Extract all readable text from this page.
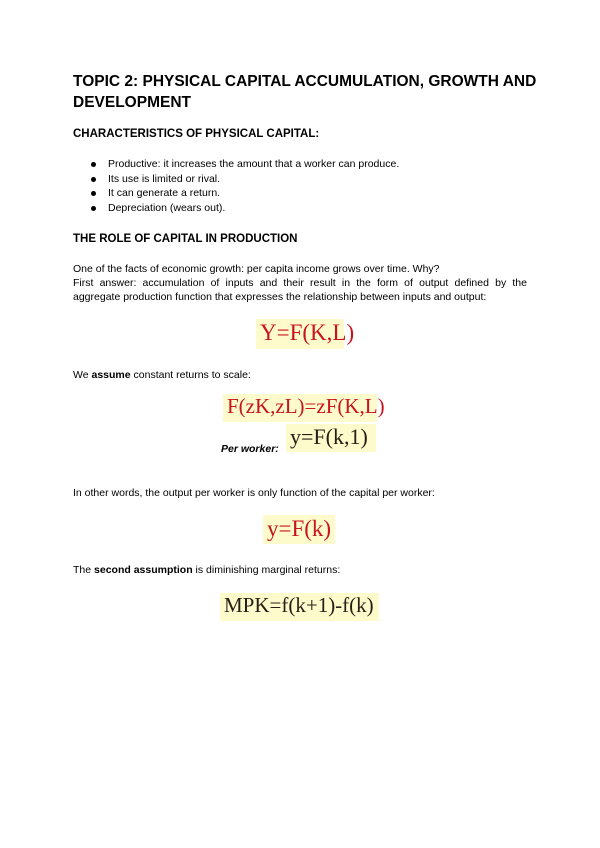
TOPIC 2: PHYSICAL CAPITAL ACCUMULATION, GROWTH AND DEVELOPMENT
CHARACTERISTICS OF PHYSICAL CAPITAL:
Productive: it increases the amount that a worker can produce.
Its use is limited or rival.
It can generate a return.
Depreciation (wears out).
THE ROLE OF CAPITAL IN PRODUCTION
One of the facts of economic growth: per capita income grows over time. Why?
First answer: accumulation of inputs and their result in the form of output defined by the
aggregate production function that expresses the relationship between inputs and output:
Y=F(K,L)

We assume constant returns to scale:

F(zK,zL)=zF(K,L)

Per worker: y=F(k,1)

In other words, the output per worker is only function of the capital per worker:

y=F(k)

The second assumption is diminishing marginal returns:

MPK=f(k+1)-f(k)
